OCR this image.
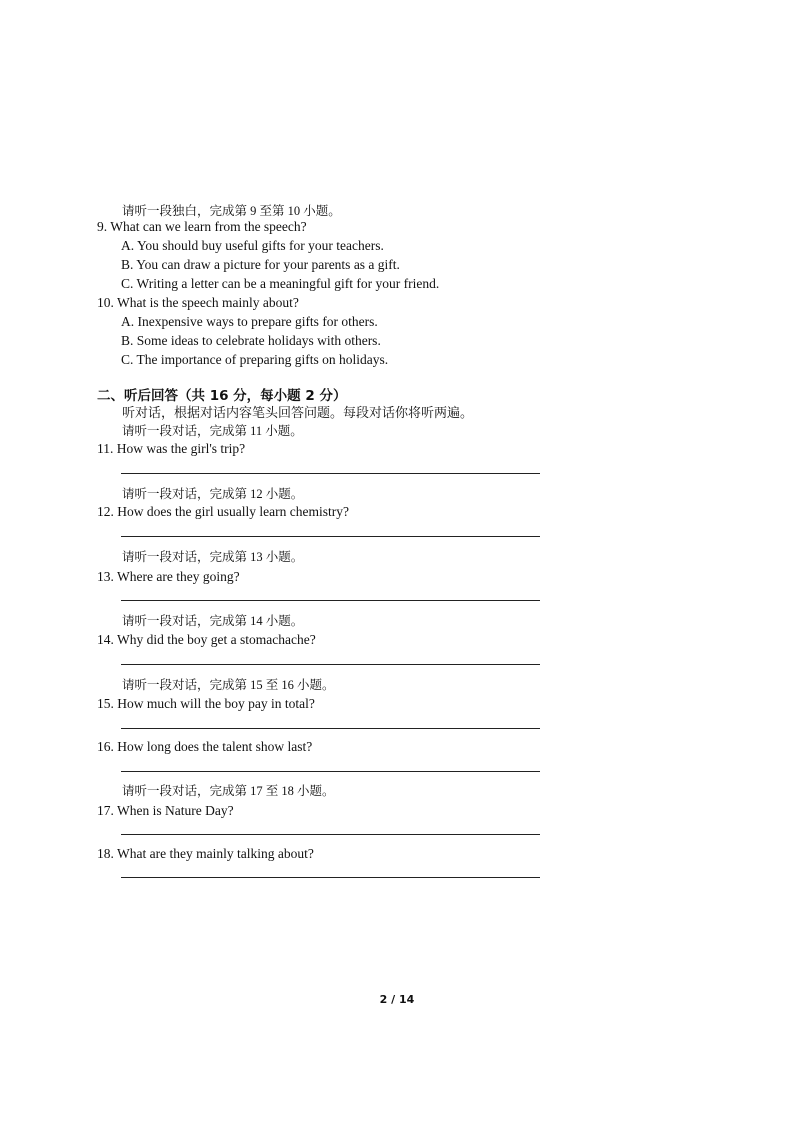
请听一段独白，完成第 9 至第 10 小题。
9. What can we learn from the speech?
A. You should buy useful gifts for your teachers.
B. You can draw a picture for your parents as a gift.
C. Writing a letter can be a meaningful gift for your friend.
10. What is the speech mainly about?
A. Inexpensive ways to prepare gifts for others.
B. Some ideas to celebrate holidays with others.
C. The importance of preparing gifts on holidays.
二、听后回答（共 16 分，每小题 2 分）
听对话，根据对话内容笔头回答问题。每段对话你将听两遍。
请听一段对话，完成第 11 小题。
11. How was the girl's trip?
请听一段对话，完成第 12 小题。
12. How does the girl usually learn chemistry?
请听一段对话，完成第 13 小题。
13. Where are they going?
请听一段对话，完成第 14 小题。
14. Why did the boy get a stomachache?
请听一段对话，完成第 15 至 16 小题。
15. How much will the boy pay in total?
16. How long does the talent show last?
请听一段对话，完成第 17 至 18 小题。
17. When is Nature Day?
18. What are they mainly talking about?
2 / 14
